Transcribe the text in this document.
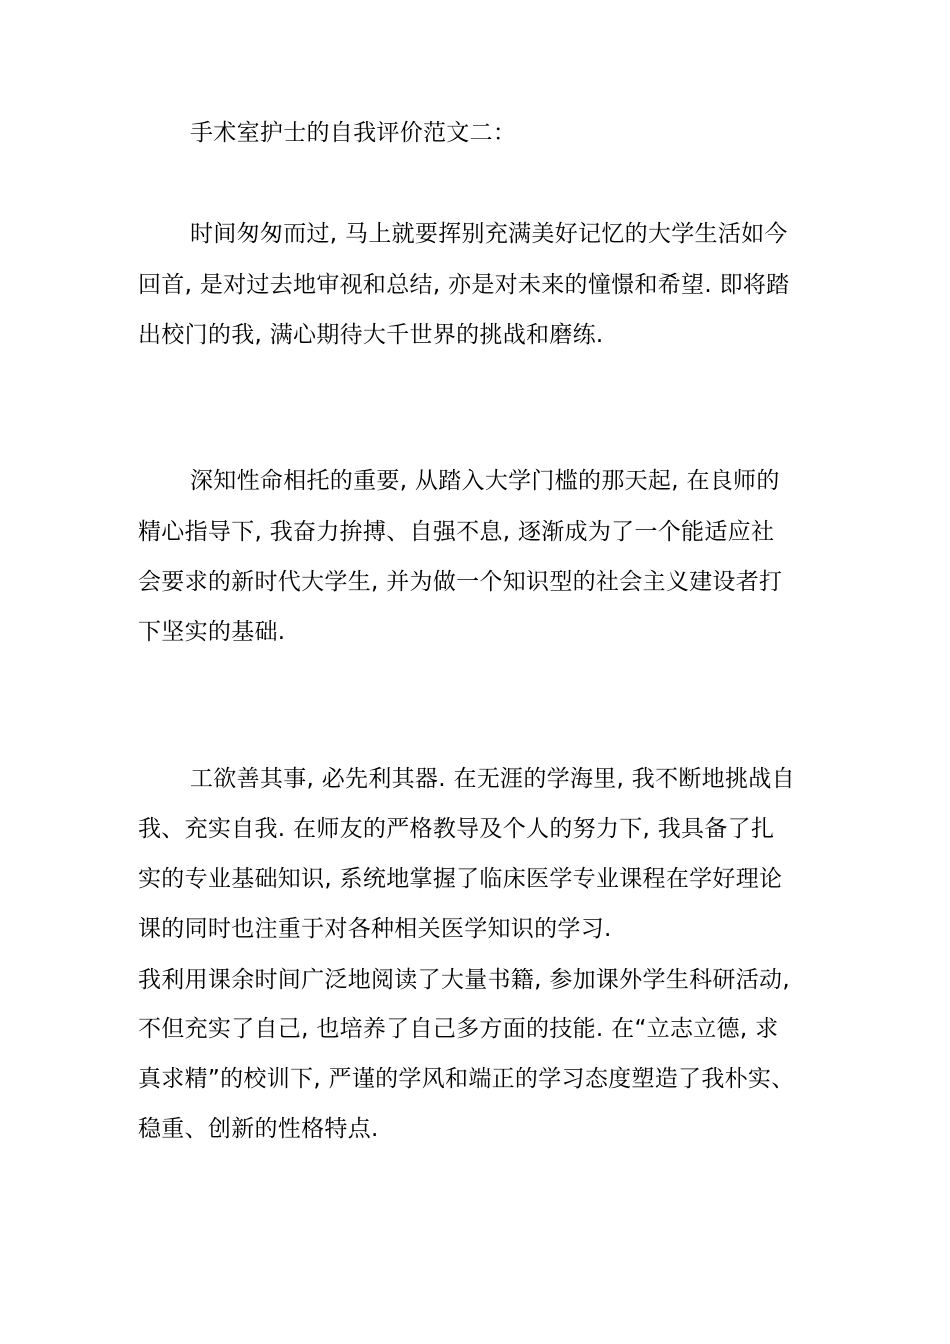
手术室护士的自我评价范文二：
时间匆匆而过, 马上就要挥别充满美好记忆的大学生活如今
回首, 是对过去地审视和总结, 亦是对未来的憧憬和希望. 即将踏
出校门的我, 满心期待大千世界的挑战和磨练.
深知性命相托的重要, 从踏入大学门槛的那天起, 在良师的
精心指导下, 我奋力拚搏、自强不息, 逐渐成为了一个能适应社
会要求的新时代大学生, 并为做一个知识型的社会主义建设者打
下坚实的基础.
工欲善其事, 必先利其器. 在无涯的学海里, 我不断地挑战自
我、充实自我. 在师友的严格教导及个人的努力下, 我具备了扎
实的专业基础知识, 系统地掌握了临床医学专业课程在学好理论
课的同时也注重于对各种相关医学知识的学习.
我利用课余时间广泛地阅读了大量书籍, 参加课外学生科研活动,
不但充实了自己, 也培养了自己多方面的技能. 在“立志立德, 求
真求精”的校训下, 严谨的学风和端正的学习态度塑造了我朴实、
稳重、创新的性格特点.
